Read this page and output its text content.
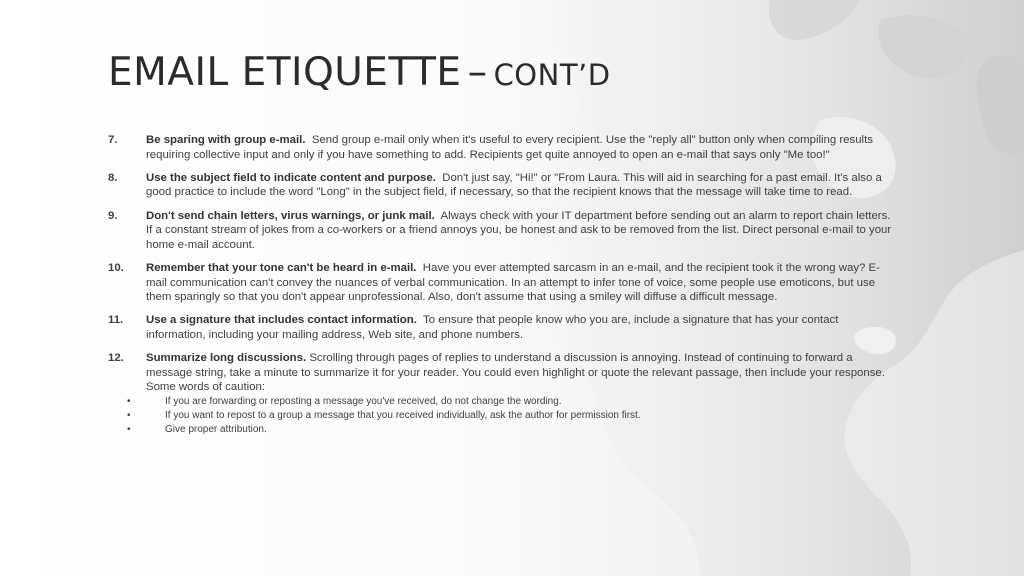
EMAIL ETIQUETTE – CONT’D
7.	Be sparing with group e-mail. Send group e-mail only when it's useful to every recipient. Use the "reply all" button only when compiling results requiring collective input and only if you have something to add. Recipients get quite annoyed to open an e-mail that says only "Me too!"
8.	Use the subject field to indicate content and purpose. Don't just say, "Hi!" or "From Laura. This will aid in searching for a past email. It's also a good practice to include the word "Long" in the subject field, if necessary, so that the recipient knows that the message will take time to read.
9.	Don't send chain letters, virus warnings, or junk mail. Always check with your IT department before sending out an alarm to report chain letters. If a constant stream of jokes from a co-workers or a friend annoys you, be honest and ask to be removed from the list. Direct personal e-mail to your home e-mail account.
10. Remember that your tone can't be heard in e-mail. Have you ever attempted sarcasm in an e-mail, and the recipient took it the wrong way? E-mail communication can't convey the nuances of verbal communication. In an attempt to infer tone of voice, some people use emoticons, but use them sparingly so that you don't appear unprofessional. Also, don't assume that using a smiley will diffuse a difficult message.
11. Use a signature that includes contact information. To ensure that people know who you are, include a signature that has your contact information, including your mailing address, Web site, and phone numbers.
12. Summarize long discussions. Scrolling through pages of replies to understand a discussion is annoying. Instead of continuing to forward a message string, take a minute to summarize it for your reader. You could even highlight or quote the relevant passage, then include your response. Some words of caution:
•	If you are forwarding or reposting a message you've received, do not change the wording.
•	If you want to repost to a group a message that you received individually, ask the author for permission first.
•	Give proper attribution.
